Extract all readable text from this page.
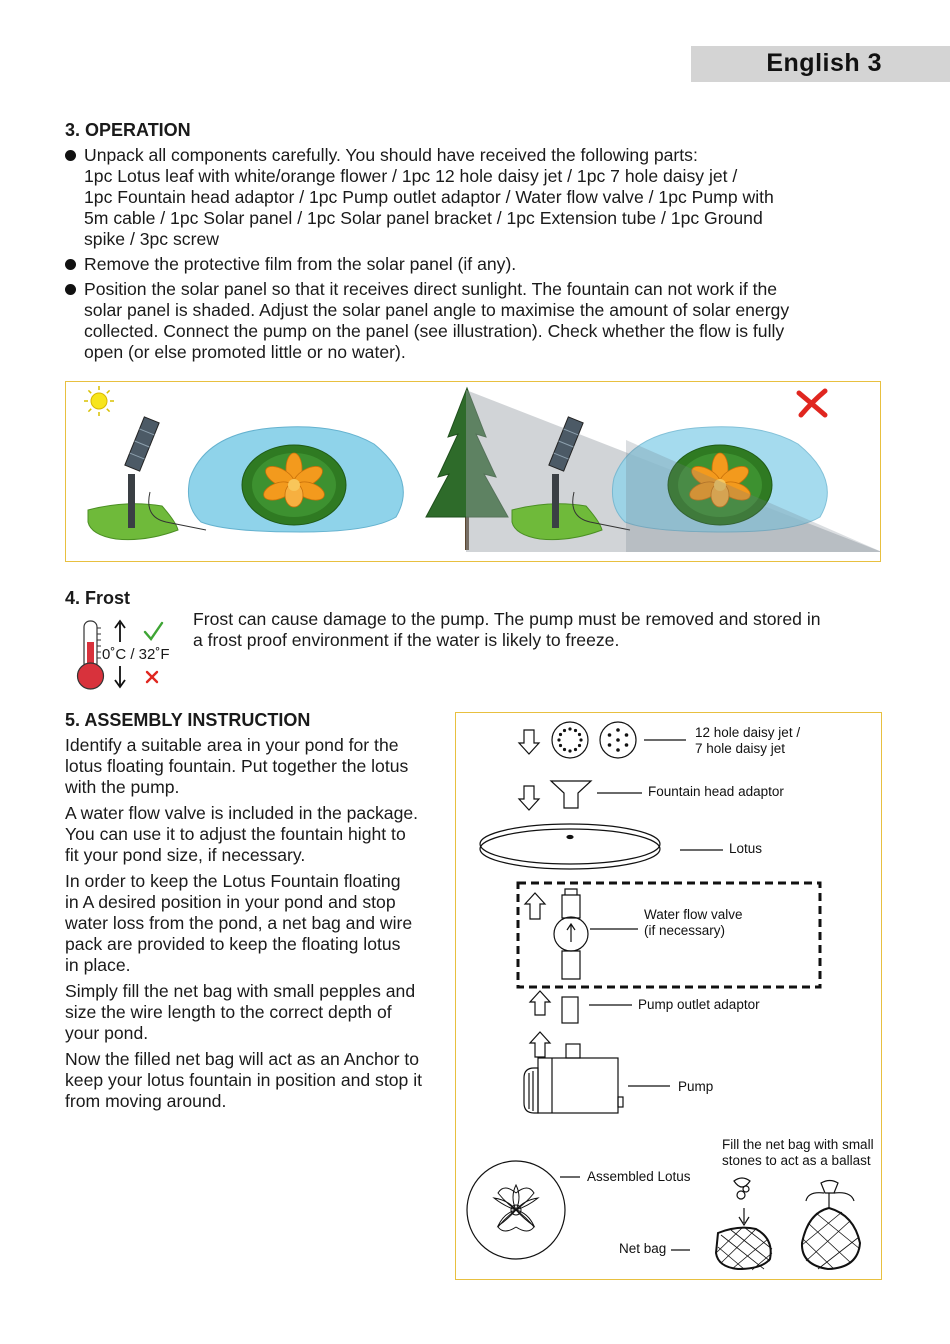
English 3
3. OPERATION
Unpack all components carefully. You should have received the following parts:
1pc Lotus leaf with white/orange flower / 1pc 12 hole daisy jet / 1pc 7 hole daisy jet /
1pc Fountain head adaptor / 1pc Pump outlet adaptor / Water flow valve / 1pc Pump with
5m cable / 1pc Solar panel / 1pc Solar panel bracket / 1pc Extension tube / 1pc Ground
spike / 3pc screw
Remove the protective film from the solar panel (if any).
Position the solar panel so that it receives direct sunlight. The fountain can not work if the
solar panel is shaded. Adjust the solar panel angle to maximise the amount of solar energy
collected. Connect the pump on the panel (see illustration). Check whether the flow is fully
open (or else promoted little or no water).
4. Frost
0˚C / 32˚F
Frost can cause damage to the pump. The pump must be removed and stored in
a frost proof environment if the water is likely to freeze.
5. ASSEMBLY INSTRUCTION

Identify a suitable area in your pond for the
lotus floating fountain. Put together the lotus
with the pump.

A water flow valve is included in the package.
You can use it to adjust the fountain hight to
fit your pond size, if necessary.

In order to keep the Lotus Fountain floating
in A desired position in your pond and stop
water loss from the pond, a net bag and wire
pack are provided to keep the floating lotus
in place.

Simply fill the net bag with small pepples and
size the wire length to the correct depth of
your pond.

Now the filled net bag will act as an Anchor to
keep your lotus fountain in position and stop it
from moving around.

12 hole daisy jet /
7 hole daisy jet
Fountain head adaptor
Lotus
Water flow valve
(if necessary)
Pump outlet adaptor
Pump
Fill the net bag with small
stones to act as a ballast
Assembled Lotus
Net bag
